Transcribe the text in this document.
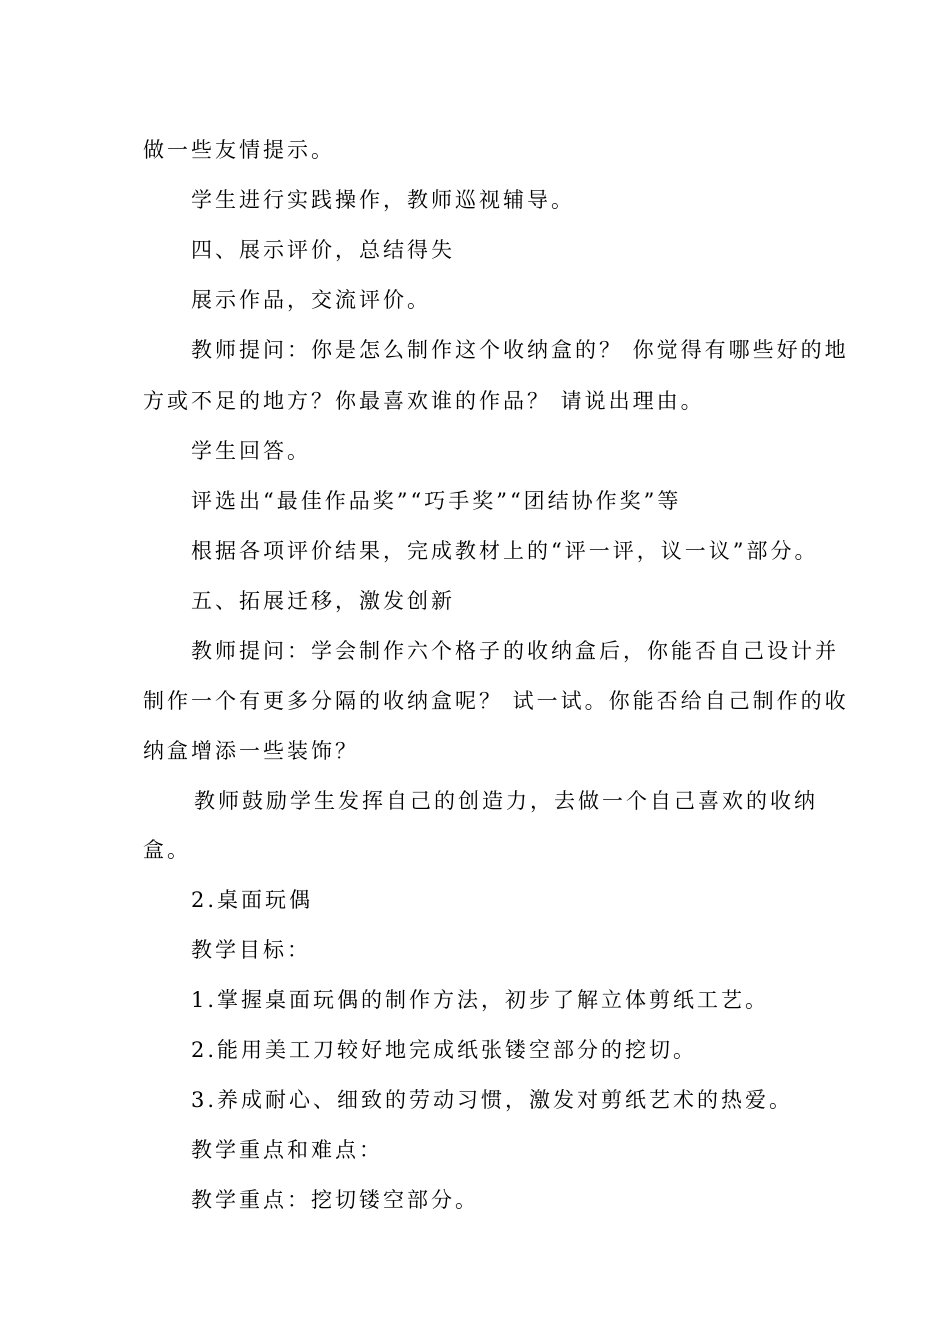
做一些友情提示。
学生进行实践操作，教师巡视辅导。
四、展示评价，总结得失
展示作品，交流评价。
教师提问：你是怎么制作这个收纳盒的？ 你觉得有哪些好的地
方或不足的地方？你最喜欢谁的作品？ 请说出理由。
学生回答。
评选出“最佳作品奖”“巧手奖”“团结协作奖”等
根据各项评价结果，完成教材上的“评一评，议一议”部分。
五、拓展迁移，激发创新
教师提问：学会制作六个格子的收纳盒后，你能否自己设计并
制作一个有更多分隔的收纳盒呢？ 试一试。你能否给自己制作的收
纳盒增添一些装饰？
教师鼓励学生发挥自己的创造力，去做一个自己喜欢的收纳
盒。
2.桌面玩偶
教学目标：
1.掌握桌面玩偶的制作方法，初步了解立体剪纸工艺。
2.能用美工刀较好地完成纸张镂空部分的挖切。
3.养成耐心、细致的劳动习惯，激发对剪纸艺术的热爱。
教学重点和难点：
教学重点：挖切镂空部分。
